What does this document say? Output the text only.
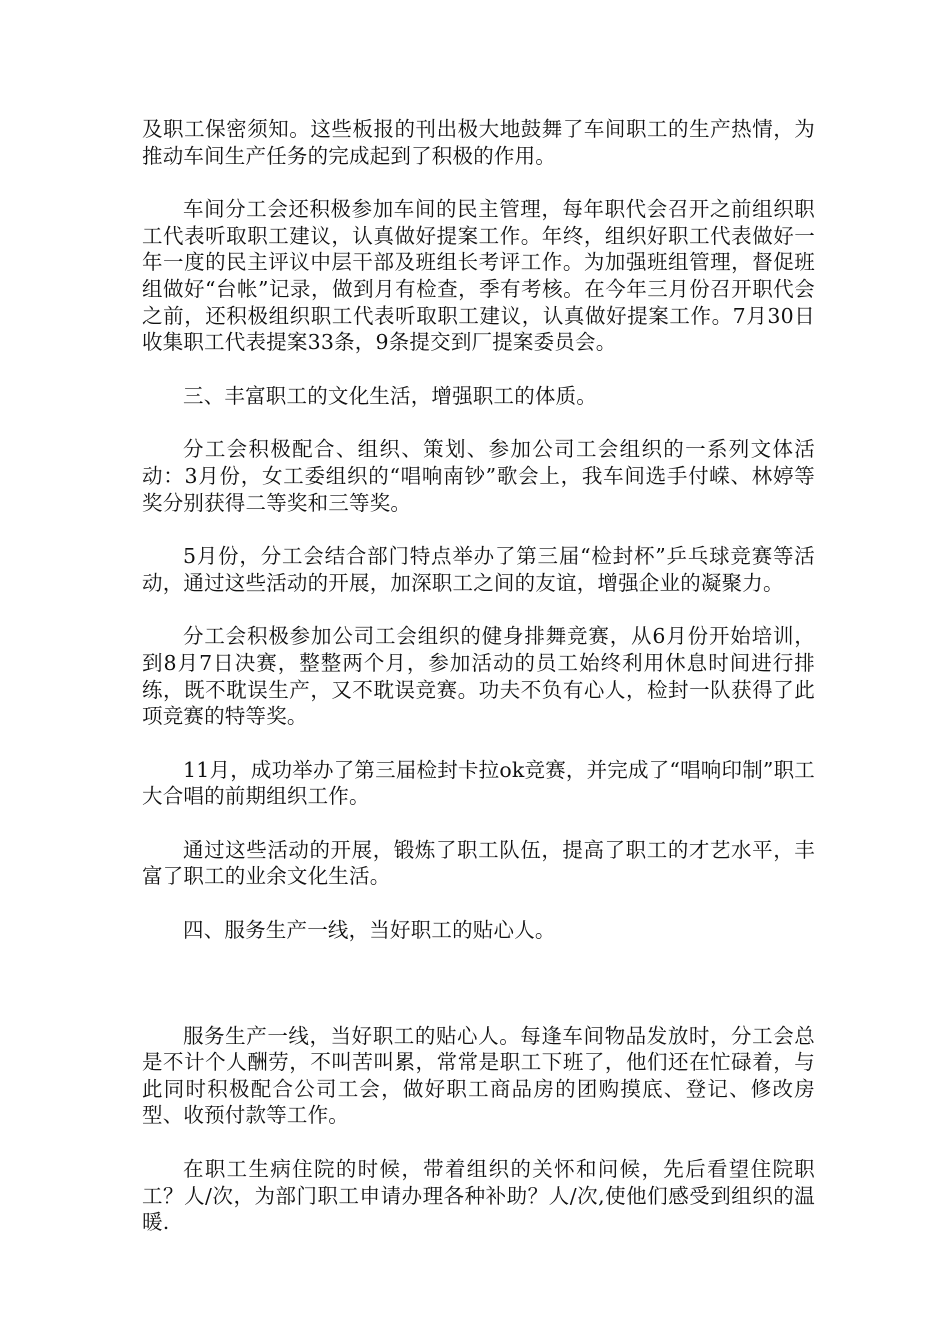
及职工保密须知。这些板报的刊出极大地鼓舞了车间职工的生产热情，为推动车间生产任务的完成起到了积极的作用。

车间分工会还积极参加车间的民主管理，每年职代会召开之前组织职工代表听取职工建议，认真做好提案工作。年终，组织好职工代表做好一年一度的民主评议中层干部及班组长考评工作。为加强班组管理，督促班组做好“台帐”记录，做到月有检查，季有考核。在今年三月份召开职代会之前，还积极组织职工代表听取职工建议，认真做好提案工作。7月30日收集职工代表提案33条，9条提交到厂提案委员会。

三、丰富职工的文化生活，增强职工的体质。

分工会积极配合、组织、策划、参加公司工会组织的一系列文体活动：3月份，女工委组织的“唱响南钞”歌会上，我车间选手付嵘、林婷等奖分别获得二等奖和三等奖。

5月份，分工会结合部门特点举办了第三届“检封杯”乒乓球竞赛等活动，通过这些活动的开展，加深职工之间的友谊，增强企业的凝聚力。

分工会积极参加公司工会组织的健身排舞竞赛，从6月份开始培训，到8月7日决赛，整整两个月，参加活动的员工始终利用休息时间进行排练，既不耽误生产，又不耽误竞赛。功夫不负有心人，检封一队获得了此项竞赛的特等奖。

11月，成功举办了第三届检封卡拉ok竞赛，并完成了“唱响印制”职工大合唱的前期组织工作。

通过这些活动的开展，锻炼了职工队伍，提高了职工的才艺水平，丰富了职工的业余文化生活。

四、服务生产一线，当好职工的贴心人。

服务生产一线，当好职工的贴心人。每逢车间物品发放时，分工会总是不计个人酬劳，不叫苦叫累，常常是职工下班了，他们还在忙碌着，与此同时积极配合公司工会，做好职工商品房的团购摸底、登记、修改房型、收预付款等工作。

在职工生病住院的时候，带着组织的关怀和问候，先后看望住院职工？人/次，为部门职工申请办理各种补助？人/次,使他们感受到组织的温暖.
